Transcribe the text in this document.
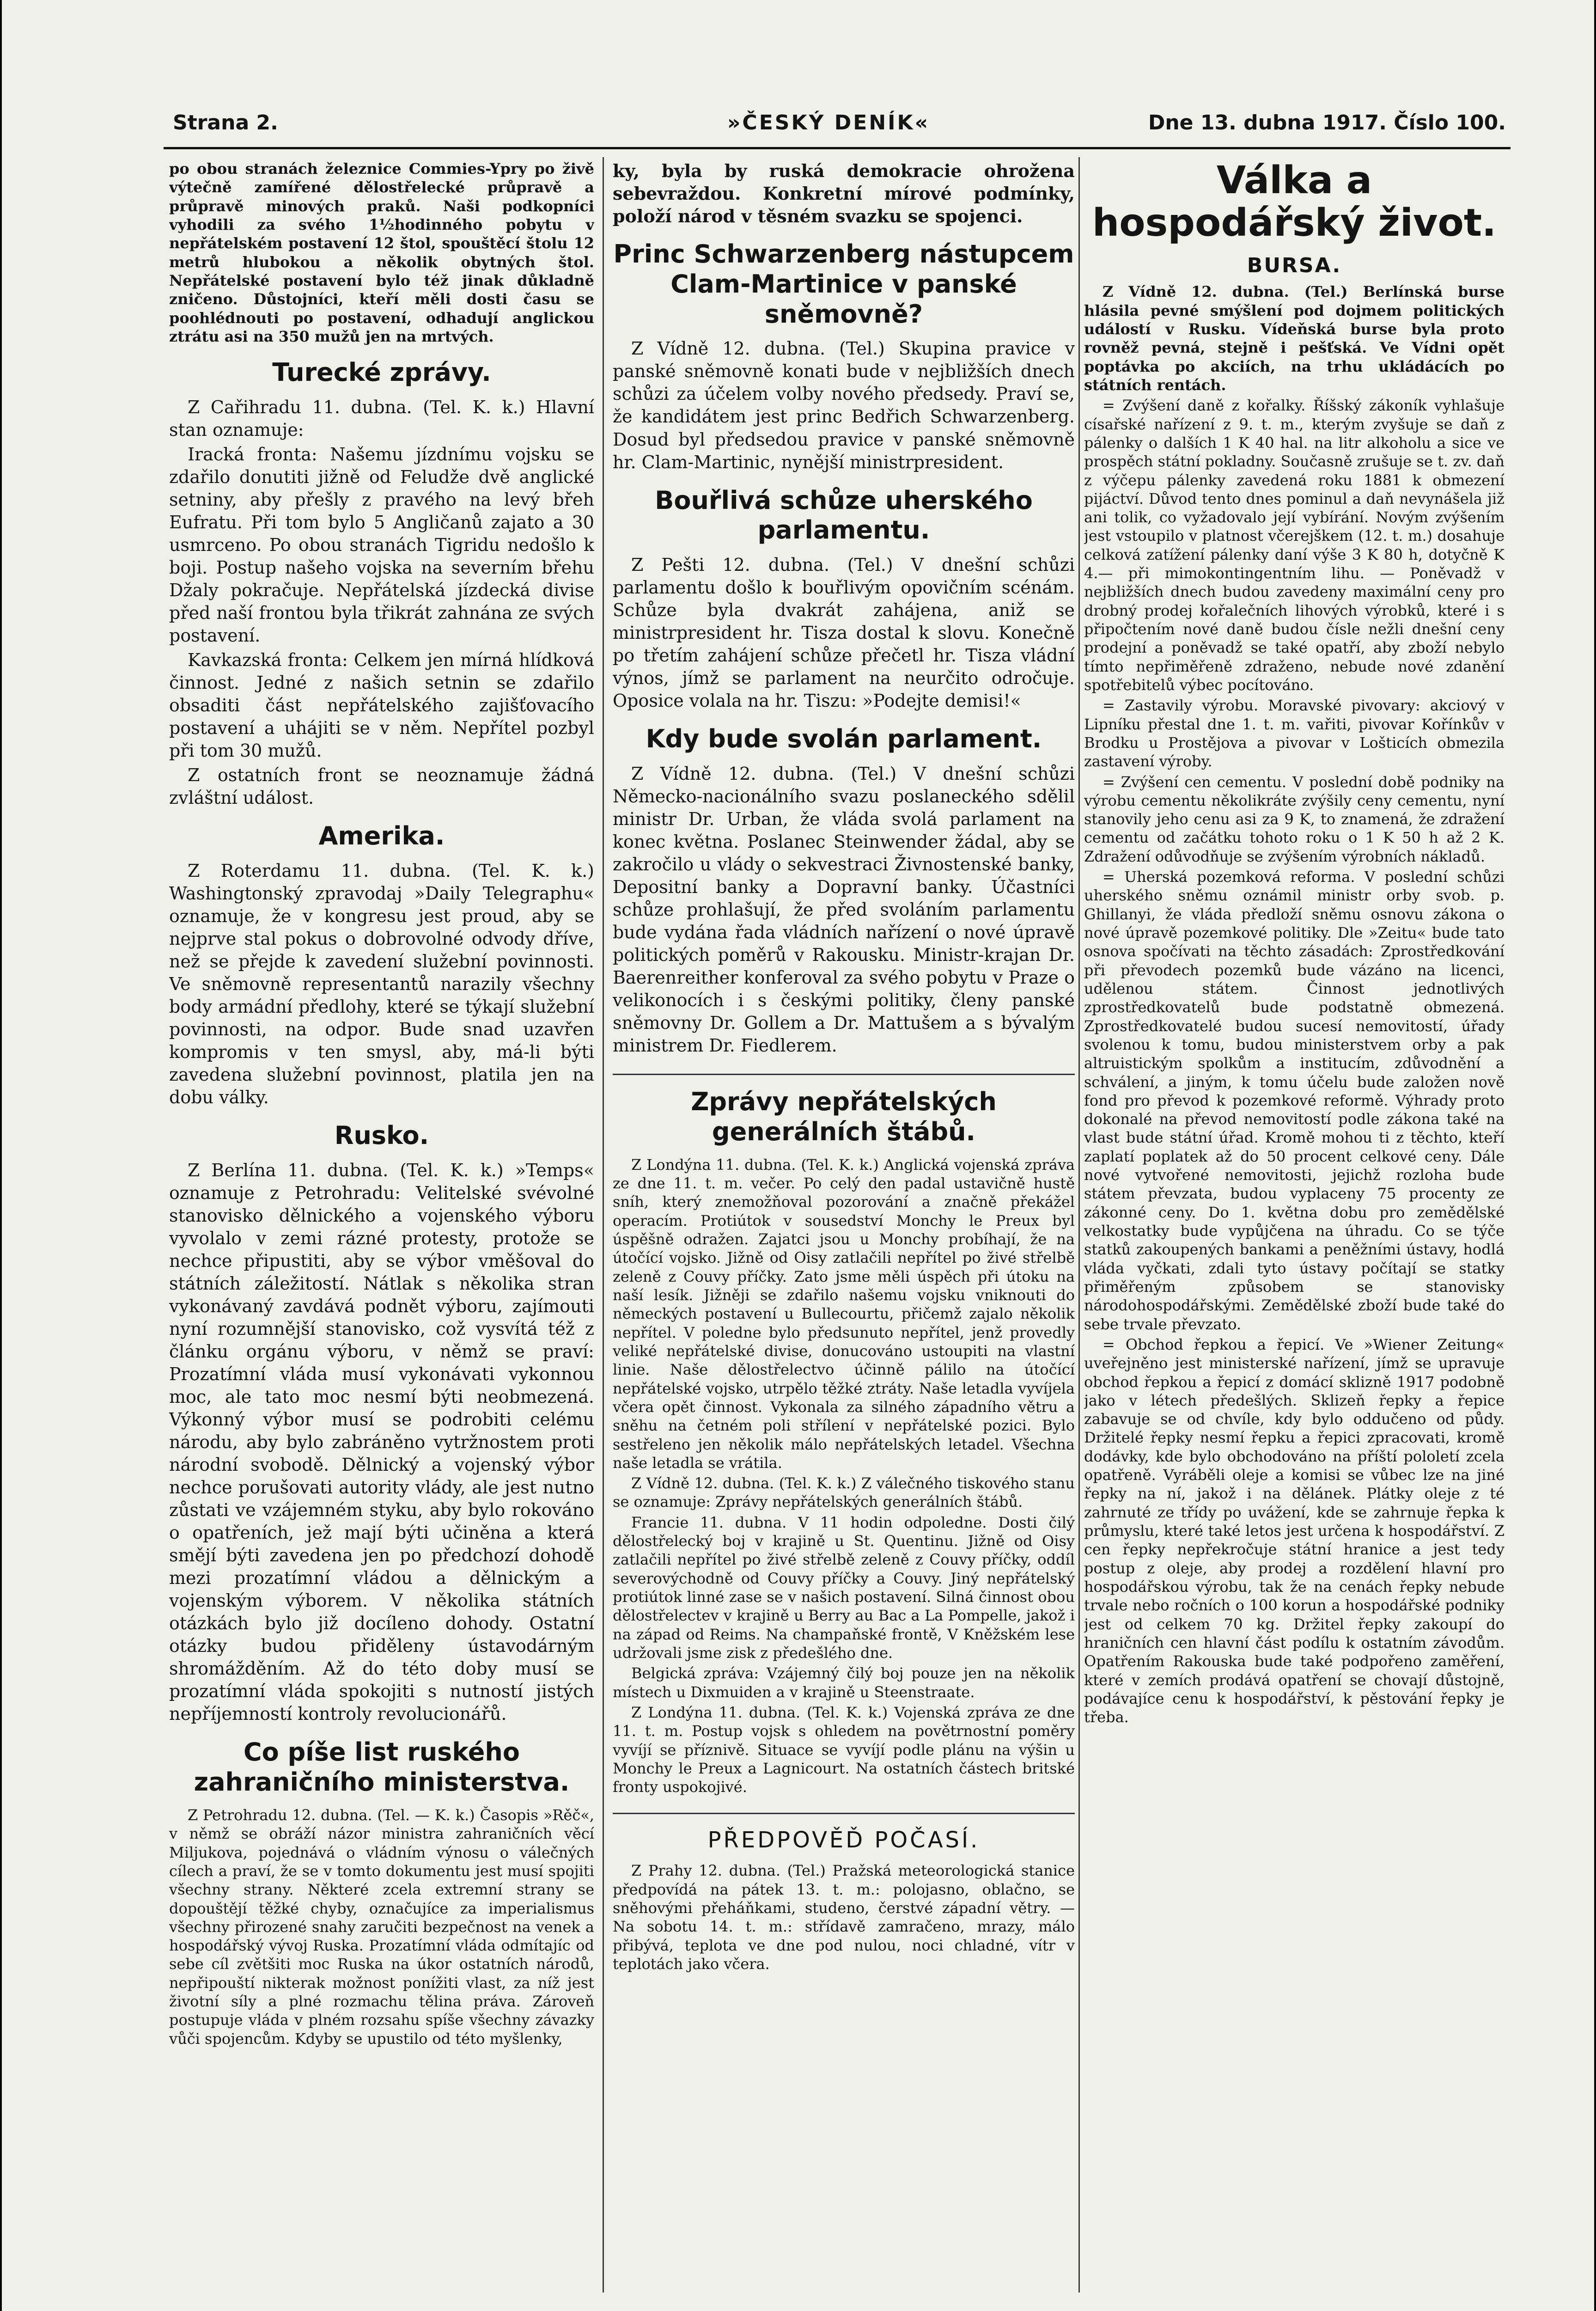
Strana 2.	»ČESKÝ DENÍK«	Dne 13. dubna 1917. Číslo 100.

po obou stranách železnice Commies-Ypry po živě výtečně zamířené dělostřelecké průpravě a průpravě minových praků. Naši podkopníci vyhodili za svého 1½hodinného pobytu v nepřátelském postavení 12 štol, spouštěcí štolu 12 metrů hlubokou a několik obytných štol. Nepřátelské postavení bylo též jinak důkladně zničeno. Důstojníci, kteří měli dosti času se poohlédnouti po postavení, odhadují anglickou ztrátu asi na 350 mužů jen na mrtvých.

Turecké zprávy.

Z Cařihradu 11. dubna. (Tel. K. k.) Hlavní stan oznamuje:

Iracká fronta: Našemu jízdnímu vojsku se zdařilo donutiti jižně od Feludže dvě anglické setniny, aby přešly z pravého na levý břeh Eufratu. Při tom bylo 5 Angličanů zajato a 30 usmrceno. Po obou stranách Tigridu nedošlo k boji. Postup našeho vojska na severním břehu Džaly pokračuje. Nepřátelská jízdecká divise před naší frontou byla třikrát zahnána ze svých postavení.

Kavkazská fronta: Celkem jen mírná hlídková činnost. Jedné z našich setnin se zdařilo obsaditi část nepřátelského zajišťovacího postavení a uhájiti se v něm. Nepřítel pozbyl při tom 30 mužů.

Z ostatních front se neoznamuje žádná zvláštní událost.

Amerika.

Z Roterdamu 11. dubna. (Tel. K. k.) Washingtonský zpravodaj »Daily Telegraphu« oznamuje, že v kongresu jest proud, aby se nejprve stal pokus o dobrovolné odvody dříve, než se přejde k zavedení služební povinnosti. Ve sněmovně representantů narazily všechny body armádní předlohy, které se týkají služební povinnosti, na odpor. Bude snad uzavřen kompromis v ten smysl, aby, má-li býti zavedena služební povinnost, platila jen na dobu války.

Rusko.

Z Berlína 11. dubna. (Tel. K. k.) »Temps« oznamuje z Petrohradu: Velitelské svévolné stanovisko dělnického a vojenského výboru vyvolalo v zemi rázné protesty, protože se nechce připustiti, aby se výbor vměšoval do státních záležitostí. Nátlak s několika stran vykonávaný zavdává podnět výboru, zajímouti nyní rozumnější stanovisko, což vysvítá též z článku orgánu výboru, v němž se praví: Prozatímní vláda musí vykonávati vykonnou moc, ale tato moc nesmí býti neobmezená. Výkonný výbor musí se podrobiti celému národu, aby bylo zabráněno vytržnostem proti národní svobodě. Dělnický a vojenský výbor nechce porušovati autority vlády, ale jest nutno zůstati ve vzájemném styku, aby bylo rokováno o opatřeních, jež mají býti učiněna a která smějí býti zavedena jen po předchozí dohodě mezi prozatímní vládou a dělnickým a vojenským výborem. V několika státních otázkách bylo již docíleno dohody. Ostatní otázky budou přiděleny ústavodárným shromážděním. Až do této doby musí se prozatímní vláda spokojiti s nutností jistých nepříjemností kontroly revolucionářů.

Co píše list ruského zahraničního ministerstva.

Z Petrohradu 12. dubna. (Tel. — K. k.) Časopis »Rěč«, v němž se obráží názor ministra zahraničních věcí Miljukova, pojednává o vládním výnosu o válečných cílech a praví, že se v tomto dokumentu jest musí spojiti všechny strany. Některé zcela extremní strany se dopouštějí těžké chyby, označujíce za imperialismus všechny přirozené snahy zaručiti bezpečnost na venek a hospodářský vývoj Ruska. Prozatímní vláda odmítajíc od sebe cíl zvětšiti moc Ruska na úkor ostatních národů, nepřipouští nikterak možnost ponížiti vlast, za níž jest životní síly a plné rozmachu tělina práva. Zároveň postupuje vláda v plném rozsahu spíše všechny závazky vůči spojencům. Kdyby se upustilo od této myšlenky,

ky, byla by ruská demokracie ohrožena sebevraždou. Konkretní mírové podmínky, položí národ v těsném svazku se spojenci.

Princ Schwarzenberg nástupcem Clam-Martinice v panské sněmovně?

Z Vídně 12. dubna. (Tel.) Skupina pravice v panské sněmovně konati bude v nejbližších dnech schůzi za účelem volby nového předsedy. Praví se, že kandidátem jest princ Bedřich Schwarzenberg. Dosud byl předsedou pravice v panské sněmovně hr. Clam-Martinic, nynější ministrpresident.

Bouřlivá schůze uherského parlamentu.

Z Pešti 12. dubna. (Tel.) V dnešní schůzi parlamentu došlo k bouřlivým opovičním scénám. Schůze byla dvakrát zahájena, aniž se ministrpresident hr. Tisza dostal k slovu. Konečně po třetím zahájení schůze přečetl hr. Tisza vládní výnos, jímž se parlament na neurčito odročuje. Oposice volala na hr. Tiszu: »Podejte demisi!«

Kdy bude svolán parlament.

Z Vídně 12. dubna. (Tel.) V dnešní schůzi Německo-nacionálního svazu poslaneckého sdělil ministr Dr. Urban, že vláda svolá parlament na konec května. Poslanec Steinwender žádal, aby se zakročilo u vlády o sekvestraci Živnostenské banky, Depositní banky a Dopravní banky. Účastníci schůze prohlašují, že před svoláním parlamentu bude vydána řada vládních nařízení o nové úpravě politických poměrů v Rakousku. Ministr-krajan Dr. Baerenreither konferoval za svého pobytu v Praze o velikonocích i s českými politiky, členy panské sněmovny Dr. Gollem a Dr. Mattušem a s bývalým ministrem Dr. Fiedlerem.

Zprávy nepřátelských generálních štábů.

Z Londýna 11. dubna. (Tel. K. k.) Anglická vojenská zpráva ze dne 11. t. m. večer. Po celý den padal ustavičně hustě sníh, který znemožňoval pozorování a značně překážel operacím. Protiútok v sousedství Monchy le Preux byl úspěšně odražen. Zajatci jsou u Monchy probíhají, že na útočící vojsko. Jižně od Oisy zatlačili nepřítel po živé střelbě zeleně z Couvy příčky. Zato jsme měli úspěch při útoku na naší lesík. Jižněji se zdařilo našemu vojsku vniknouti do německých postavení u Bullecourtu, přičemž zajalo několik nepřítel. V poledne bylo předsunuto nepřítel, jenž provedly veliké nepřátelské divise, donucováno ustoupiti na vlastní linie. Naše dělostřelectvo účinně pálilo na útočící nepřátelské vojsko, utrpělo těžké ztráty. Naše letadla vyvíjela včera opět činnost. Vykonala za silného západního větru a sněhu na četném poli střílení v nepřátelské pozici. Bylo sestřeleno jen několik málo nepřátelských letadel. Všechna naše letadla se vrátila.

Z Vídně 12. dubna. (Tel. K. k.) Z válečného tiskového stanu se oznamuje: Zprávy nepřátelských generálních štábů.

Francie 11. dubna. V 11 hodin odpoledne. Dosti čilý dělostřelecký boj v krajině u St. Quentinu. Jižně od Oisy zatlačili nepřítel po živé střelbě zeleně z Couvy příčky, oddíl severovýchodně od Couvy příčky a Couvy. Jiný nepřátelský protiútok linné zase se v našich postavení. Silná činnost obou dělostřelectev v krajině u Berry au Bac a La Pompelle, jakož i na západ od Reims. Na champaňské frontě, V Kněžském lese udržovali jsme zisk z předešlého dne.

Belgická zpráva: Vzájemný čilý boj pouze jen na několik místech u Dixmuiden a v krajině u Steenstraate.

Z Londýna 11. dubna. (Tel. K. k.) Vojenská zpráva ze dne 11. t. m. Postup vojsk s ohledem na povětrnostní poměry vyvíjí se příznivě. Situace se vyvíjí podle plánu na výšin u Monchy le Preux a Lagnicourt. Na ostatních částech britské fronty uspokojivé.

PŘEDPOVĚĎ POČASÍ.

Z Prahy 12. dubna. (Tel.) Pražská meteorologická stanice předpovídá na pátek 13. t. m.: polojasno, oblačno, se sněhovými přeháňkami, studeno, čerstvé západní větry. — Na sobotu 14. t. m.: střídavě zamračeno, mrazy, málo přibývá, teplota ve dne pod nulou, noci chladné, vítr v teplotách jako včera.

Válka a hospodářský život.
BURSA.

Z Vídně 12. dubna. (Tel.) Berlínská burse hlásila pevné smýšlení pod dojmem politických událostí v Rusku. Vídeňská burse byla proto rovněž pevná, stejně i pešťská. Ve Vídni opět poptávka po akciích, na trhu ukládácích po státních rentách.

= Zvýšení daně z kořalky. Říšský zákoník vyhlašuje císařské nařízení z 9. t. m., kterým zvyšuje se daň z pálenky o dalších 1 K 40 hal. na litr alkoholu a sice ve prospěch státní pokladny. Současně zrušuje se t. zv. daň z výčepu pálenky zavedená roku 1881 k obmezení pijáctví. Důvod tento dnes pominul a daň nevynášela již ani tolik, co vyžadovalo její vybírání. Novým zvýšením jest vstoupilo v platnost včerejškem (12. t. m.) dosahuje celková zatížení pálenky daní výše 3 K 80 h, dotyčně K 4.— při mimokontingentním lihu. — Poněvadž v nejbližších dnech budou zavedeny maximální ceny pro drobný prodej kořalečních lihových výrobků, které i s připočtením nové daně budou čísle nežli dnešní ceny prodejní a poněvadž se také opatří, aby zboží nebylo tímto nepřiměřeně zdraženo, nebude nové zdanění spotřebitelů výbec pocítováno.

= Zastavily výrobu. Moravské pivovary: akciový v Lipníku přestal dne 1. t. m. vařiti, pivovar Kořínkův v Brodku u Prostějova a pivovar v Lošticích obmezila zastavení výroby.

= Zvýšení cen cementu. V poslední době podniky na výrobu cementu několikráte zvýšily ceny cementu, nyní stanovily jeho cenu asi za 9 K, to znamená, že zdražení cementu od začátku tohoto roku o 1 K 50 h až 2 K. Zdražení odůvodňuje se zvýšením výrobních nákladů.

= Uherská pozemková reforma. V poslední schůzi uherského sněmu oznámil ministr orby svob. p. Ghillanyi, že vláda předloží sněmu osnovu zákona o nové úpravě pozemkové politiky. Dle »Zeitu« bude tato osnova spočívati na těchto zásadách: Zprostředkování při převodech pozemků bude vázáno na licenci, udělenou státem. Činnost jednotlivých zprostředkovatelů bude podstatně obmezená. Zprostředkovatelé budou sucesí nemovitostí, úřady svolenou k tomu, budou ministerstvem orby a pak altruistickým spolkům a institucím, zdůvodnění a schválení, a jiným, k tomu účelu bude založen nově fond pro převod k pozemkové reformě. Výhrady proto dokonalé na převod nemovitostí podle zákona také na vlast bude státní úřad. Kromě mohou ti z těchto, kteří zaplatí poplatek až do 50 procent celkové ceny. Dále nové vytvořené nemovitosti, jejichž rozloha bude státem převzata, budou vyplaceny 75 procenty ze zákonné ceny. Do 1. května dobu pro zemědělské velkostatky bude vypůjčena na úhradu. Co se týče statků zakoupených bankami a peněžními ústavy, hodlá vláda vyčkati, zdali tyto ústavy počítají se statky přiměřeným způsobem se stanovisky národohospodářskými. Zemědělské zboží bude také do sebe trvale převzato.

= Obchod řepkou a řepicí. Ve »Wiener Zeitung« uveřejněno jest ministerské nařízení, jímž se upravuje obchod řepkou a řepicí z domácí sklizně 1917 podobně jako v létech předešlých. Sklizeň řepky a řepice zabavuje se od chvíle, kdy bylo oddučeno od půdy. Držitelé řepky nesmí řepku a řepici zpracovati, kromě dodávky, kde bylo obchodováno na příští pololetí zcela opatřeně. Vyráběli oleje a komisi se vůbec lze na jiné řepky na ní, jakož i na dělánek. Plátky oleje z té zahrnuté ze třídy po uvážení, kde se zahrnuje řepka k průmyslu, které také letos jest určena k hospodářství. Z cen řepky nepřekročuje státní hranice a jest tedy postup z oleje, aby prodej a rozdělení hlavní pro hospodářskou výrobu, tak že na cenách řepky nebude trvale nebo ročních o 100 korun a hospodářské podniky jest od celkem 70 kg. Držitel řepky zakoupí do hraničních cen hlavní část podílu k ostatním závodům. Opatřením Rakouska bude také podpořeno zaměření, které v zemích prodává opatření se chovají důstojně, podávajíce cenu k hospodářství, k pěstování řepky je třeba.
